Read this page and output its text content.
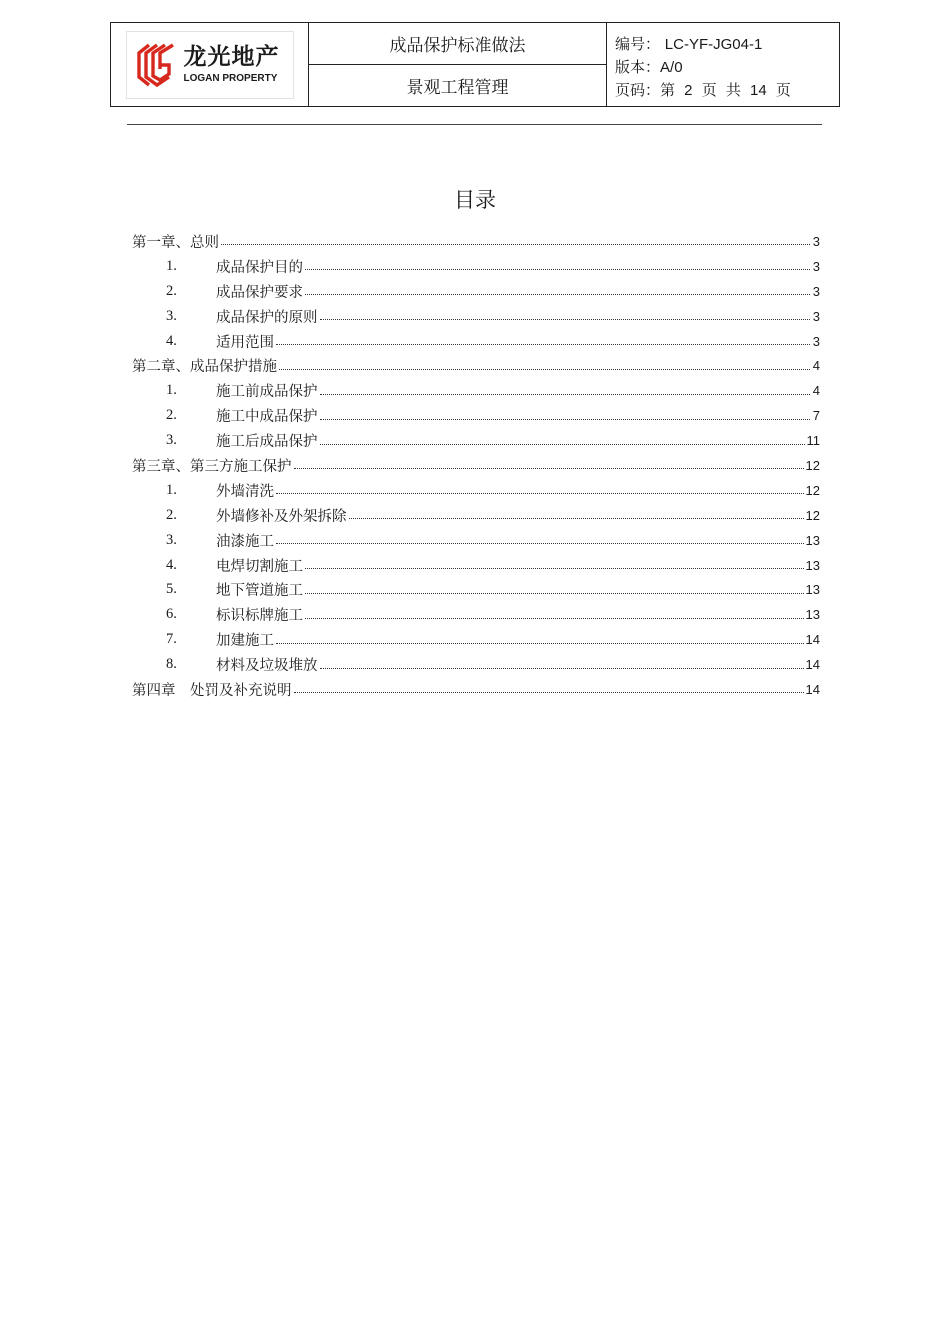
龙光地产
LOGAN PROPERTY
成品保护标准做法
景观工程管理
编号： LC-YF-JG04-1
版本：A/0
页码：第 2 页 共 14 页
目录
第一章、总则	3
1.	成品保护目的	3
2.	成品保护要求	3
3.	成品保护的原则	3
4.	适用范围	3
第二章、成品保护措施	4
1.	施工前成品保护	4
2.	施工中成品保护	7
3.	施工后成品保护	11
第三章、第三方施工保护	12
1.	外墙清洗	12
2.	外墙修补及外架拆除	12
3.	油漆施工	13
4.	电焊切割施工	13
5.	地下管道施工	13
6.	标识标牌施工	13
7.	加建施工	14
8.	材料及垃圾堆放	14
第四章　处罚及补充说明	14
